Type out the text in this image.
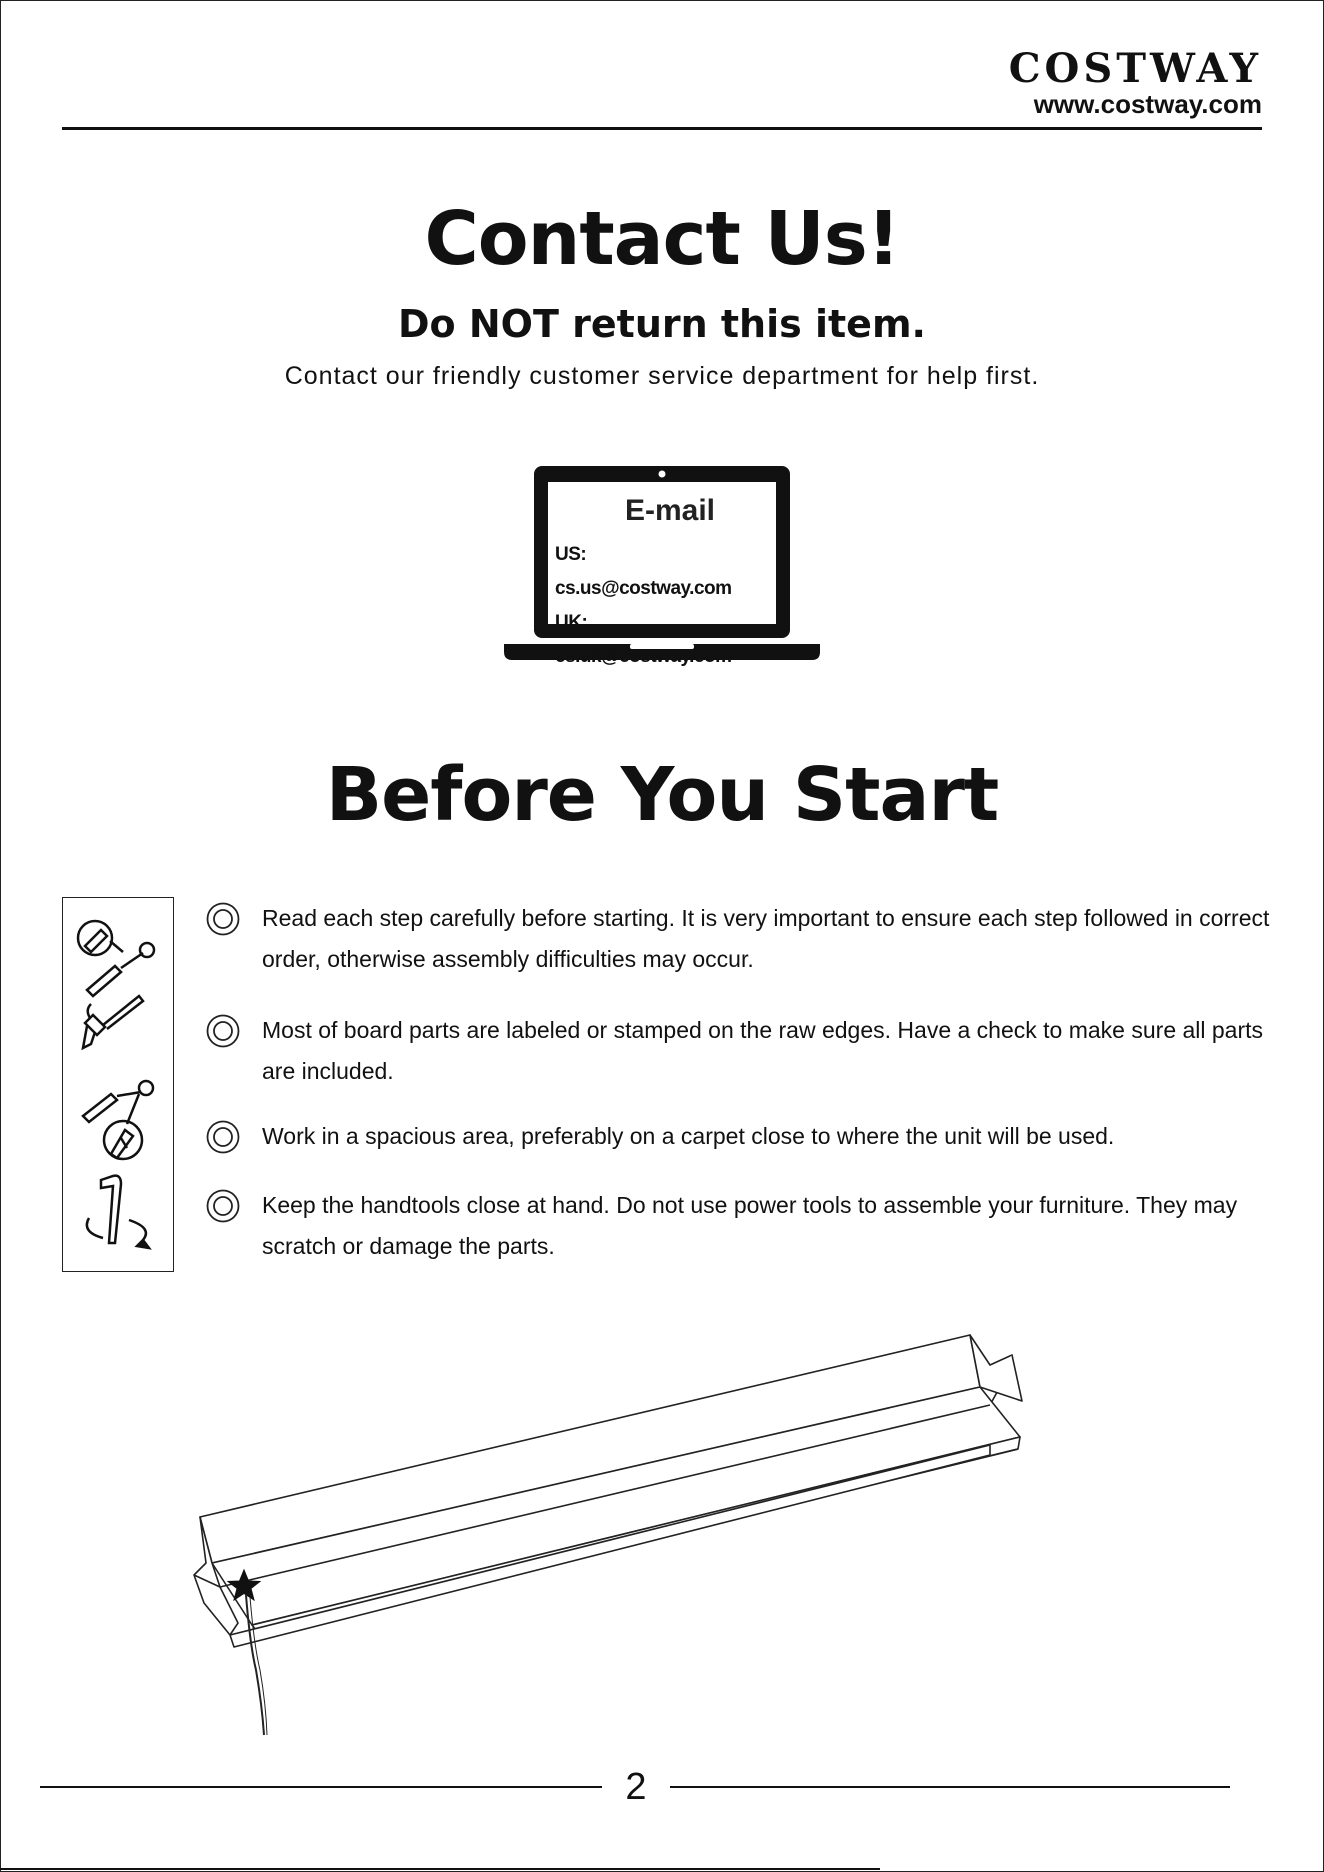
COSTWAY
www.costway.com
Contact Us!
Do NOT return this item.
Contact our friendly customer service department for help first.
E-mail
US: cs.us@costway.com
UK: cs.uk@costway.com
Before You Start
Read each step carefully before starting. It is very important to ensure each step followed in correct order, otherwise assembly difficulties may occur.
Most of board parts are labeled or stamped on the raw edges. Have a check to make sure all parts are included.
Work in a spacious area, preferably on a carpet close to where the unit will be used.
Keep the handtools close at hand. Do not use power tools to assemble your furniture. They may scratch or damage the parts.
2
